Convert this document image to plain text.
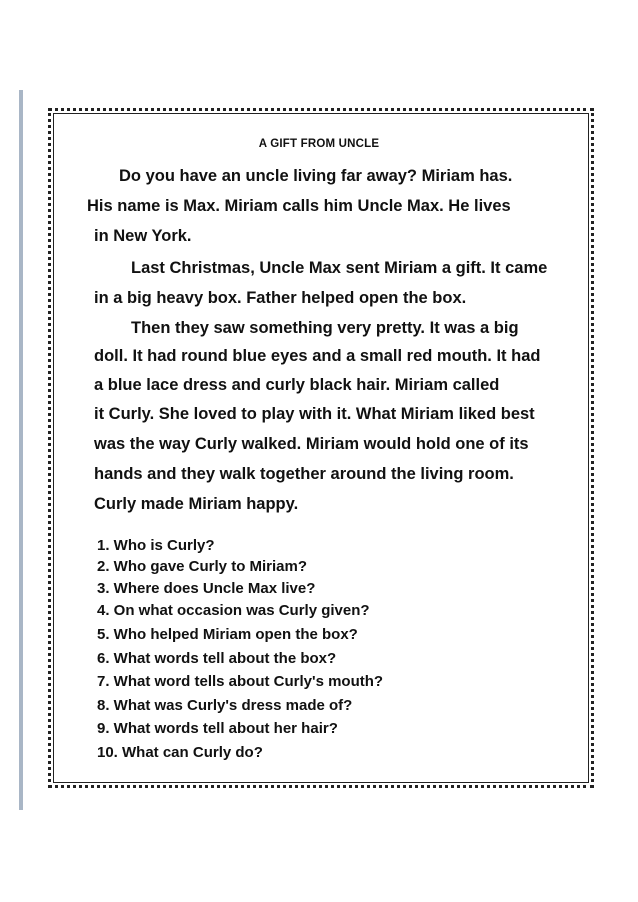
A GIFT FROM UNCLE
Do you have an uncle living far away? Miriam has.
His name is Max. Miriam calls him Uncle Max. He lives
in New York.
Last Christmas, Uncle Max sent Miriam a gift. It came
in a big heavy box. Father helped open the box.
Then they saw something very pretty. It was a big
doll. It had round blue eyes and a small red mouth. It had
a blue lace dress and curly black hair. Miriam called
it Curly. She loved to play with it. What Miriam liked best
was the way Curly walked. Miriam would hold one of its
hands and they walk together around the living room.
Curly made Miriam happy.
1. Who is Curly?
2. Who gave Curly to Miriam?
3. Where does Uncle Max live?
4. On what occasion was Curly given?
5. Who helped Miriam open the box?
6. What words tell about the box?
7. What word tells about Curly's mouth?
8. What was Curly's dress made of?
9. What words tell about her hair?
10. What can Curly do?
